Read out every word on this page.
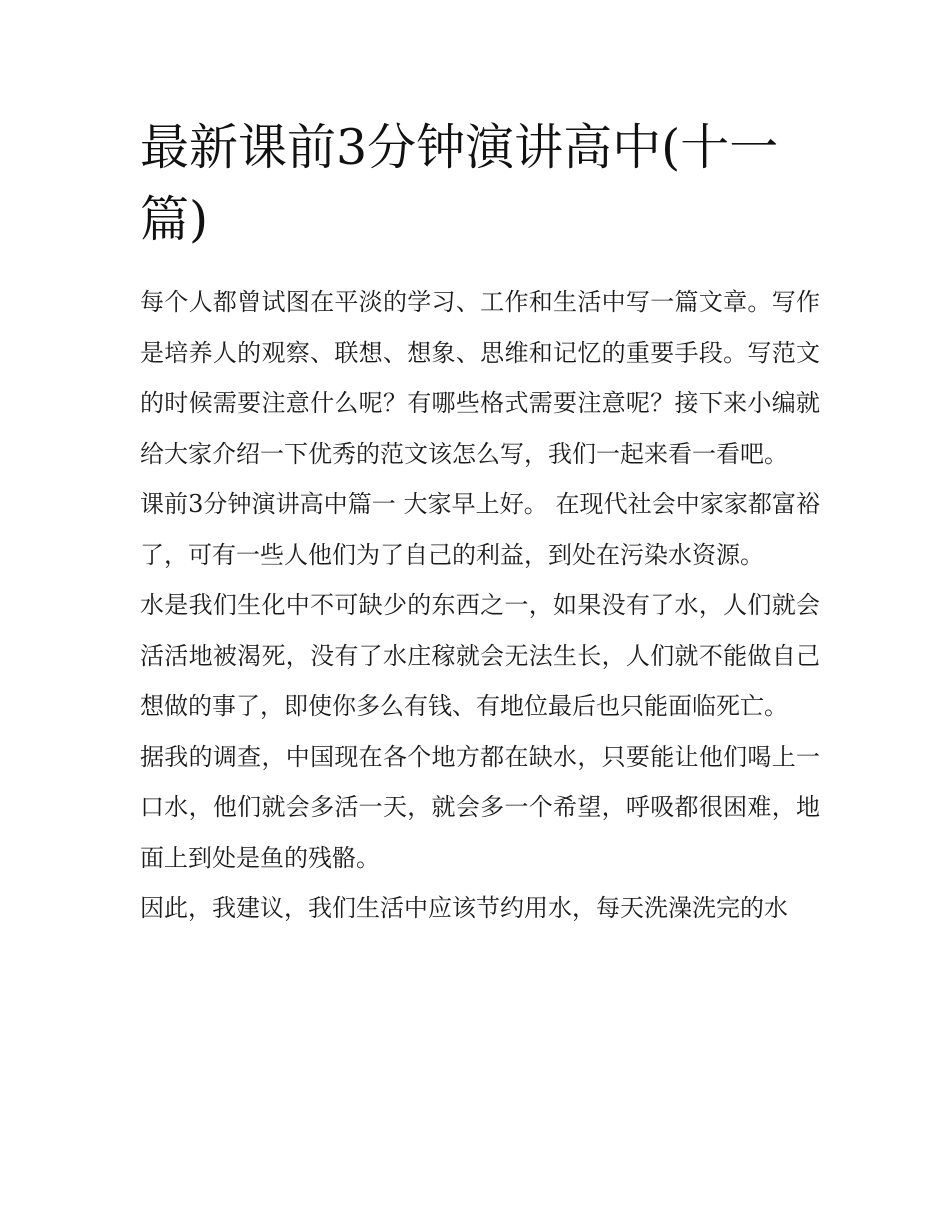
最新课前3分钟演讲高中(十一篇)

每个人都曾试图在平淡的学习、工作和生活中写一篇文章。写作是培养人的观察、联想、想象、思维和记忆的重要手段。写范文的时候需要注意什么呢？有哪些格式需要注意呢？接下来小编就给大家介绍一下优秀的范文该怎么写，我们一起来看一看吧。

课前3分钟演讲高中篇一 大家早上好。 在现代社会中家家都富裕了，可有一些人他们为了自己的利益，到处在污染水资源。

水是我们生化中不可缺少的东西之一，如果没有了水，人们就会活活地被渴死，没有了水庄稼就会无法生长，人们就不能做自己想做的事了，即使你多么有钱、有地位最后也只能面临死亡。

据我的调查，中国现在各个地方都在缺水，只要能让他们喝上一口水，他们就会多活一天，就会多一个希望，呼吸都很困难，地面上到处是鱼的残骼。

因此，我建议，我们生活中应该节约用水，每天洗澡洗完的水
